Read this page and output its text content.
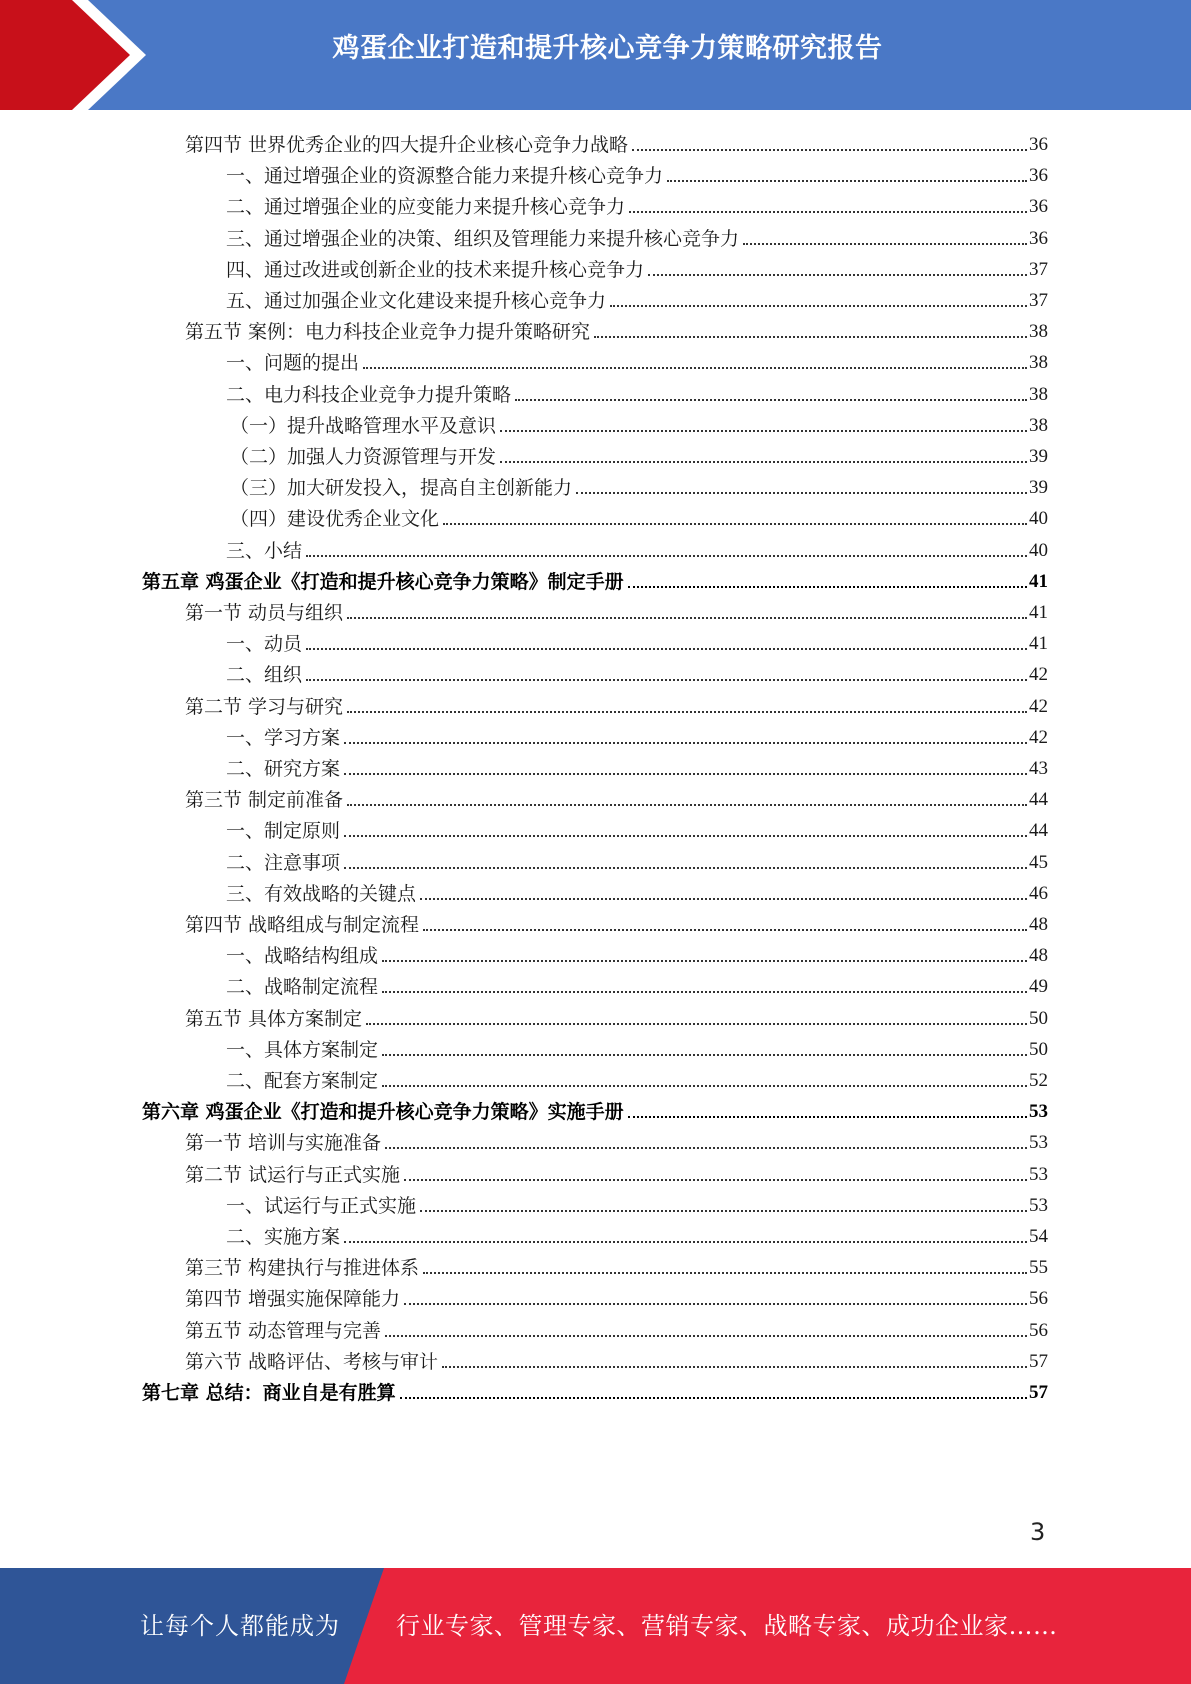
鸡蛋企业打造和提升核心竞争力策略研究报告
第四节 世界优秀企业的四大提升企业核心竞争力战略	36
一、通过增强企业的资源整合能力来提升核心竞争力	36
二、通过增强企业的应变能力来提升核心竞争力	36
三、通过增强企业的决策、组织及管理能力来提升核心竞争力	36
四、通过改进或创新企业的技术来提升核心竞争力	37
五、通过加强企业文化建设来提升核心竞争力	37
第五节 案例：电力科技企业竞争力提升策略研究	38
一、问题的提出	38
二、电力科技企业竞争力提升策略	38
（一）提升战略管理水平及意识	38
（二）加强人力资源管理与开发	39
（三）加大研发投入，提高自主创新能力	39
（四）建设优秀企业文化	40
三、小结	40
第五章 鸡蛋企业《打造和提升核心竞争力策略》制定手册	41
第一节 动员与组织	41
一、动员	41
二、组织	42
第二节 学习与研究	42
一、学习方案	42
二、研究方案	43
第三节 制定前准备	44
一、制定原则	44
二、注意事项	45
三、有效战略的关键点	46
第四节 战略组成与制定流程	48
一、战略结构组成	48
二、战略制定流程	49
第五节 具体方案制定	50
一、具体方案制定	50
二、配套方案制定	52
第六章 鸡蛋企业《打造和提升核心竞争力策略》实施手册	53
第一节 培训与实施准备	53
第二节 试运行与正式实施	53
一、试运行与正式实施	53
二、实施方案	54
第三节 构建执行与推进体系	55
第四节 增强实施保障能力	56
第五节 动态管理与完善	56
第六节 战略评估、考核与审计	57
第七章 总结：商业自是有胜算	57
3
让每个人都能成为 行业专家、管理专家、营销专家、战略专家、成功企业家……
